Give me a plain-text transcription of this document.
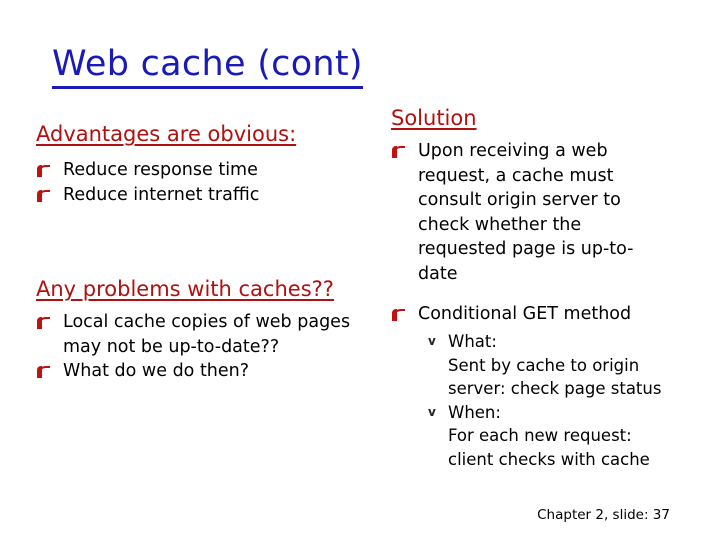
Web cache (cont)
Advantages are obvious:
Reduce response time
Reduce internet traffic
Any problems with caches??
Local cache copies of web pages may not be up-to-date??
What do we do then?
Solution
Upon receiving a web request, a cache must consult origin server to check whether the requested page is up-to-date
Conditional GET method
v What:
Sent by cache to origin server: check page status
v When:
For each new request: client checks with cache
Chapter 2, slide: 37
